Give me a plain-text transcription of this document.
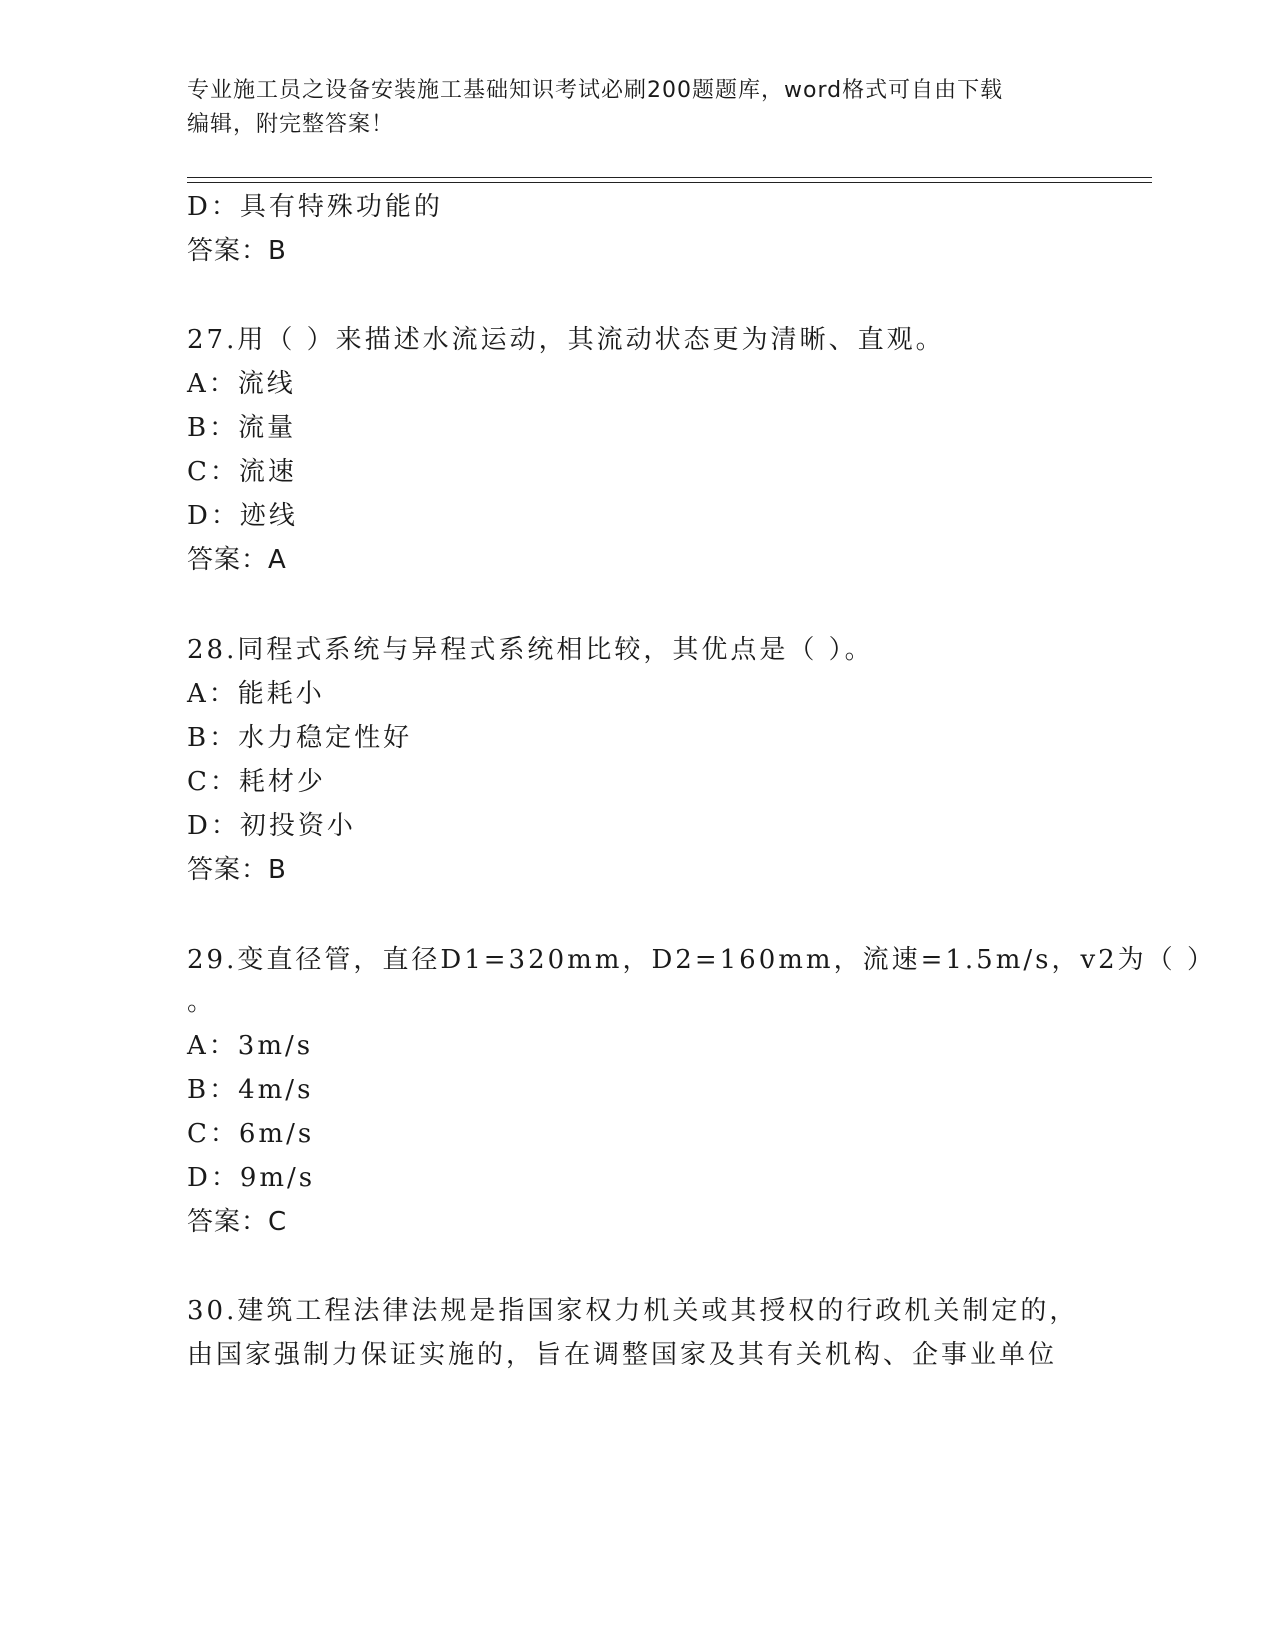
专业施工员之设备安装施工基础知识考试必刷200题题库，word格式可自由下载
编辑，附完整答案！
D：具有特殊功能的
答案：B
27.用（ ）来描述水流运动，其流动状态更为清晰、直观。
A：流线
B：流量
C：流速
D：迹线
答案：A
28.同程式系统与异程式系统相比较，其优点是（ ）。
A：能耗小
B：水力稳定性好
C：耗材少
D：初投资小
答案：B
29.变直径管，直径D1=320mm，D2=160mm，流速=1.5m/s，v2为（ ）
。
A：3m/s
B：4m/s
C：6m/s
D：9m/s
答案：C
30.建筑工程法律法规是指国家权力机关或其授权的行政机关制定的，
由国家强制力保证实施的，旨在调整国家及其有关机构、企事业单位
